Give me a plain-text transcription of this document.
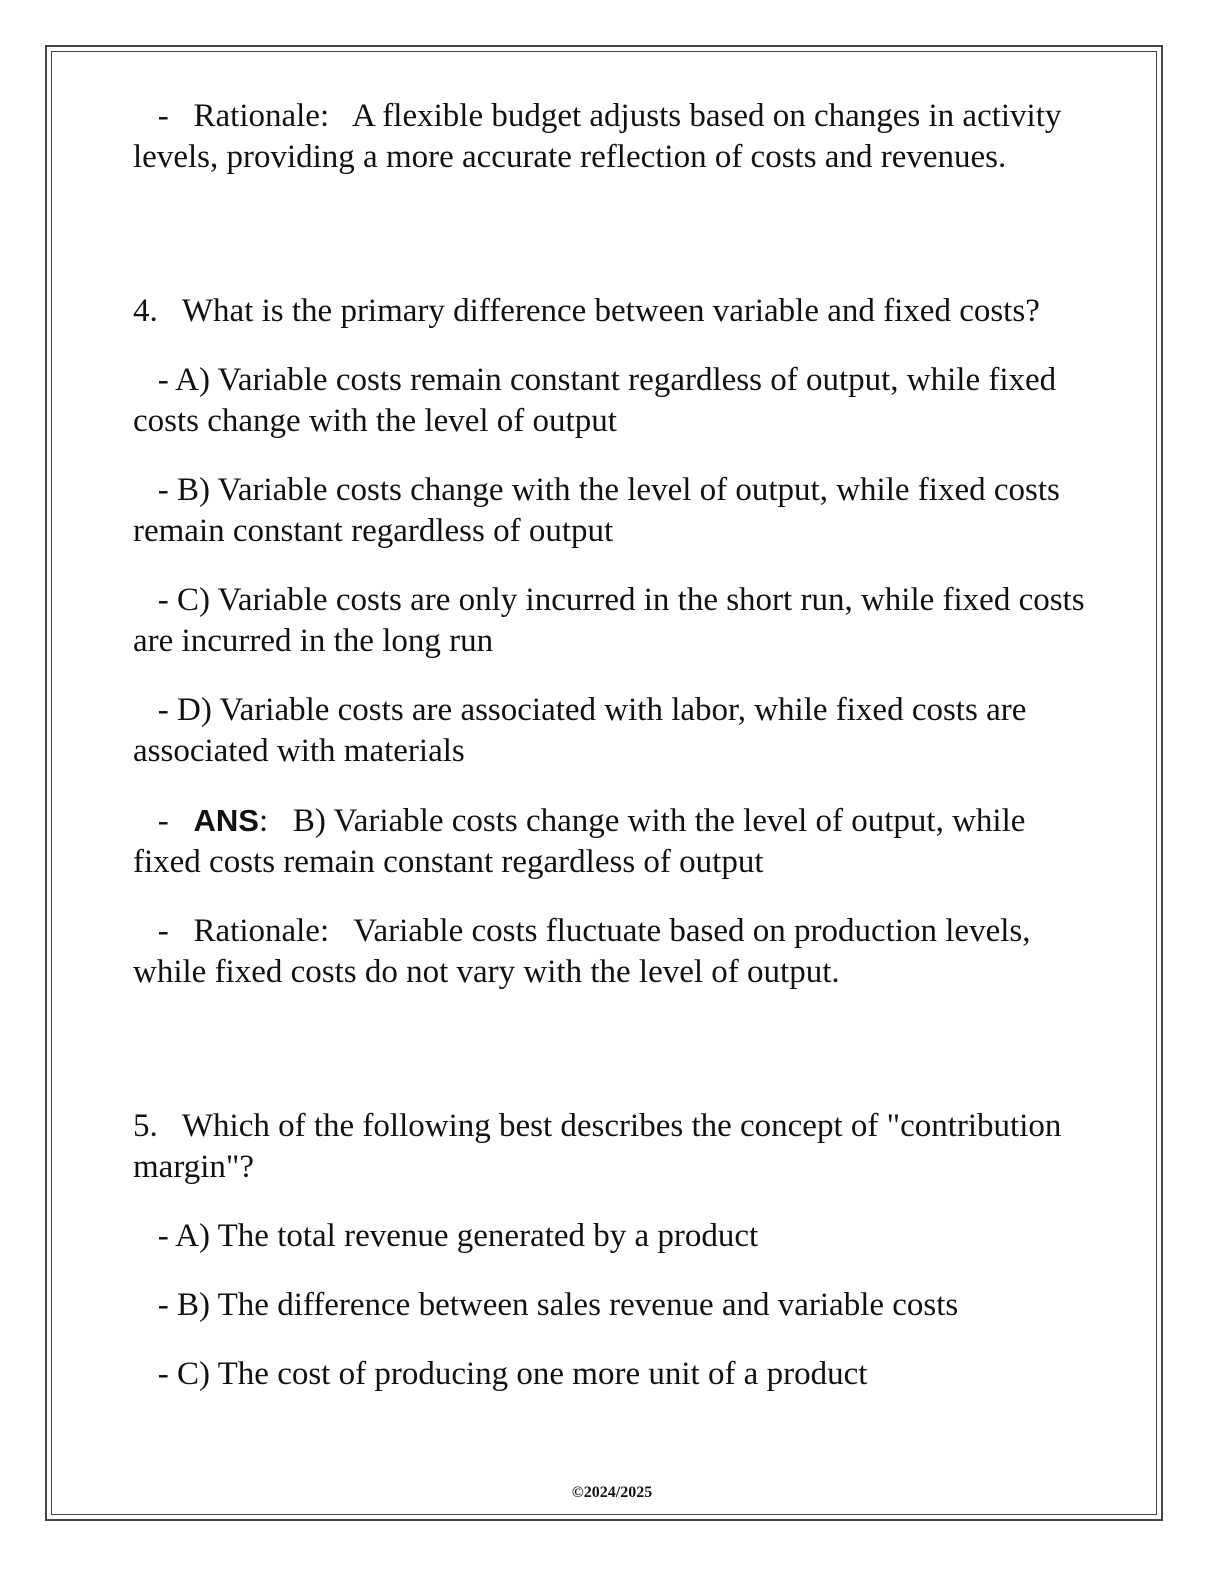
-   Rationale:   A flexible budget adjusts based on changes in activity levels, providing a more accurate reflection of costs and revenues.

4. What is the primary difference between variable and fixed costs?

- A) Variable costs remain constant regardless of output, while fixed costs change with the level of output

- B) Variable costs change with the level of output, while fixed costs remain constant regardless of output

- C) Variable costs are only incurred in the short run, while fixed costs are incurred in the long run

- D) Variable costs are associated with labor, while fixed costs are associated with materials

-   ANS:   B) Variable costs change with the level of output, while fixed costs remain constant regardless of output

-   Rationale:   Variable costs fluctuate based on production levels, while fixed costs do not vary with the level of output.

5. Which of the following best describes the concept of "contribution margin"?

- A) The total revenue generated by a product

- B) The difference between sales revenue and variable costs

- C) The cost of producing one more unit of a product

©2024/2025
